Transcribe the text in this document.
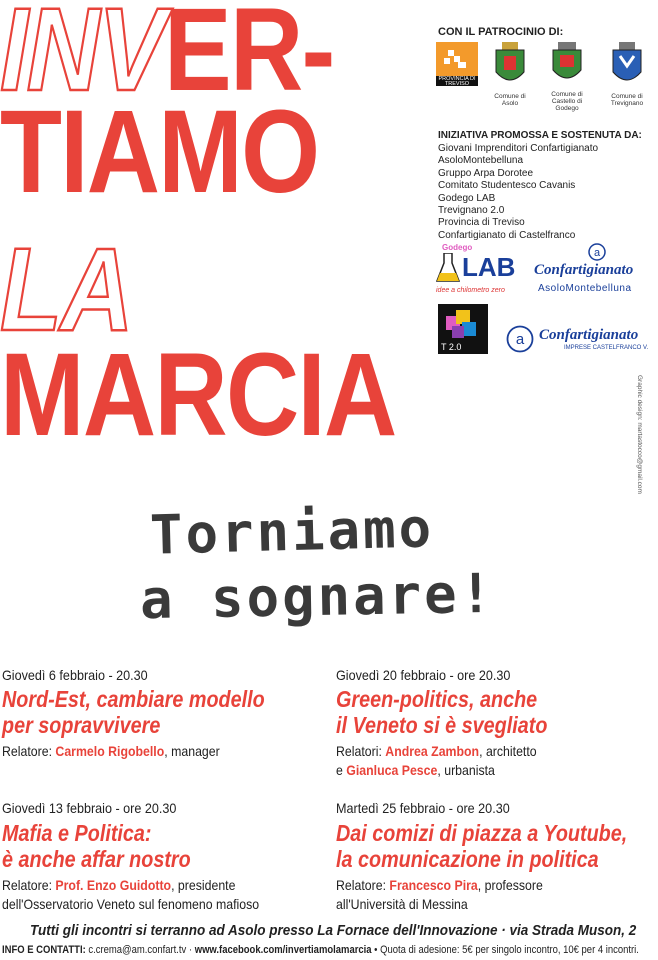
INVER-
TIAMO
LA
MARCIA
CON IL PATROCINIO DI:
PROVINCIA DI TREVISO
Comune di Asolo
Comune di Castello di Godego
Comune di Trevignano
INIZIATIVA PROMOSSA E SOSTENUTA DA:
Giovani Imprenditori Confartigianato AsoloMontebelluna
Gruppo Arpa Dorotee
Comitato Studentesco Cavanis
Godego LAB
Trevignano 2.0
Provincia di Treviso
Confartigianato di Castelfranco
Godego
LAB
idee a chilometro zero
a
Confartigianato
AsoloMontebelluna
T 2.0	a Confartigianato
IMPRESE CASTELFRANCO V.
Graphic design: martastocco@gmail.com
Torniamo
a sognare!
Giovedì 6 febbraio - 20.30
Nord-Est, cambiare modello
per sopravvivere
Relatore: Carmelo Rigobello, manager
Giovedì 20 febbraio - ore 20.30
Green-politics, anche
il Veneto si è svegliato
Relatori: Andrea Zambon, architetto
e Gianluca Pesce, urbanista
Giovedì 13 febbraio - ore 20.30
Mafia e Politica:
è anche affar nostro
Relatore: Prof. Enzo Guidotto, presidente
dell'Osservatorio Veneto sul fenomeno mafioso
Martedì 25 febbraio - ore 20.30
Dai comizi di piazza a Youtube,
la comunicazione in politica
Relatore: Francesco Pira, professore
all'Università di Messina
Tutti gli incontri si terranno ad Asolo presso La Fornace dell'Innovazione · via Strada Muson, 2
INFO E CONTATTI: c.crema@am.confart.tv · www.facebook.com/invertiamolamarcia • Quota di adesione: 5€ per singolo incontro, 10€ per 4 incontri.
